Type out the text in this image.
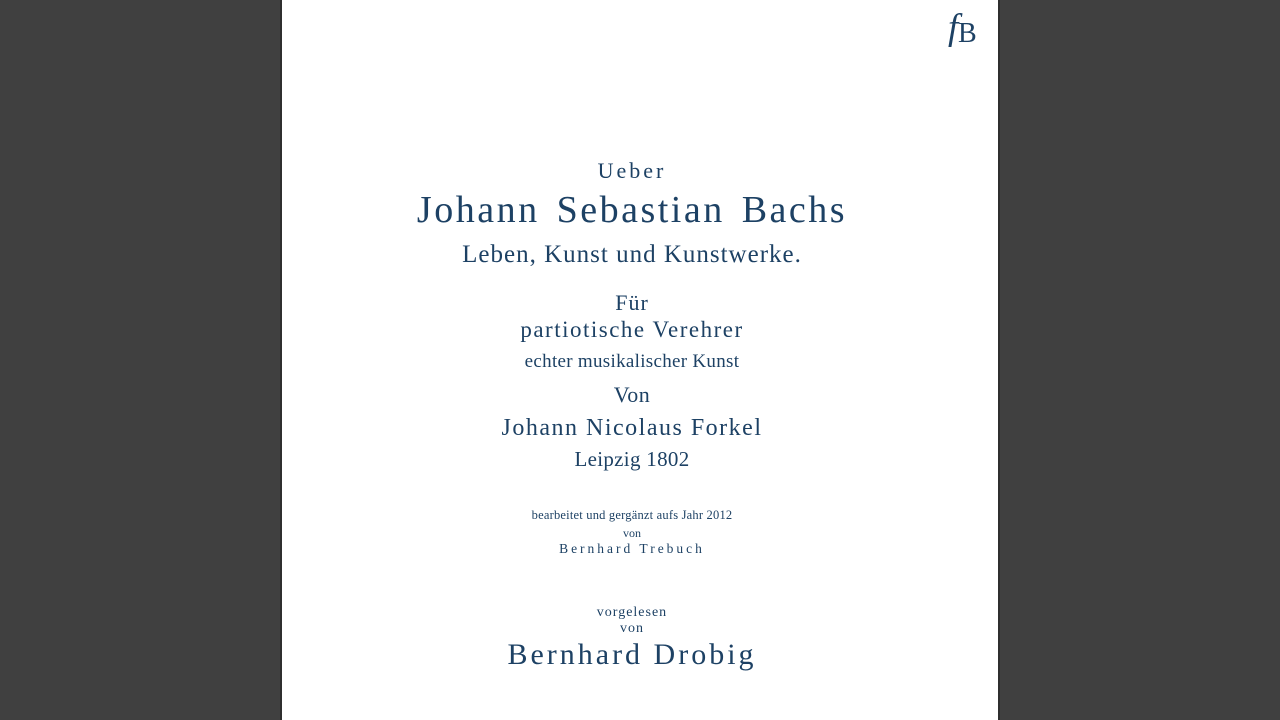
f B
Ueber
Johann Sebastian Bachs
Leben, Kunst und Kunstwerke.
Für
partiotische Verehrer
echter musikalischer Kunst
Von
Johann Nicolaus Forkel
Leipzig 1802
bearbeitet und gergänzt aufs Jahr 2012
von
Bernhard Trebuch
vorgelesen
von
Bernhard Drobig
